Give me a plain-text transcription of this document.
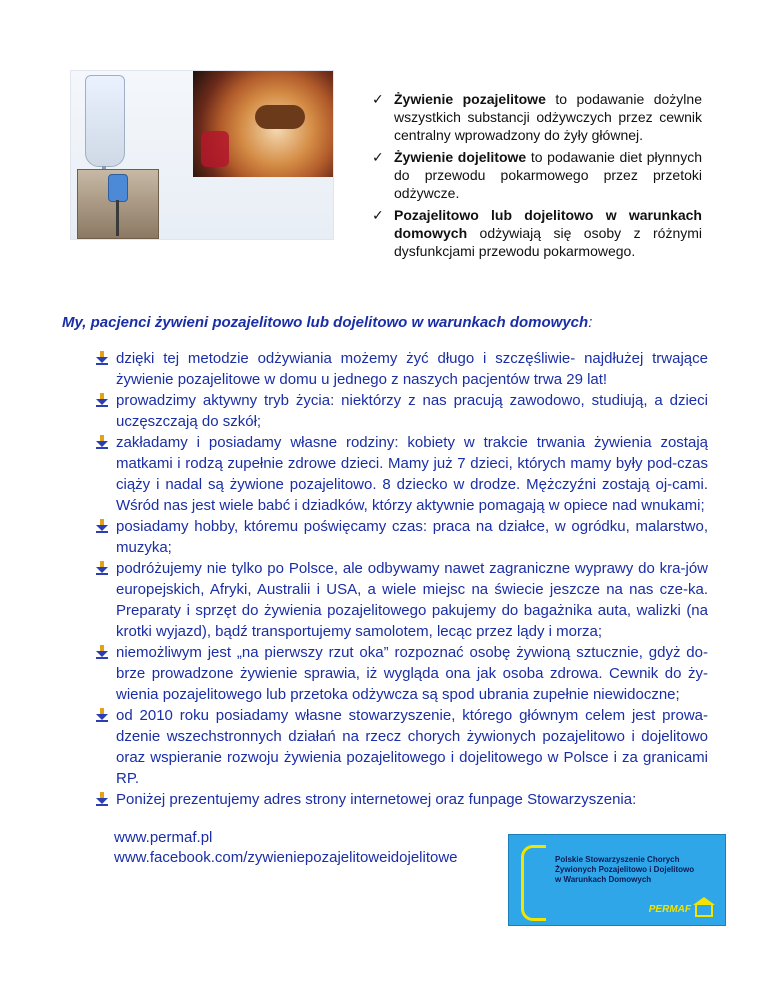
✓ Żywienie pozajelitowe to podawanie dożylne wszystkich substancji odżywczych przez cewnik centralny wprowadzony do żyły głównej.
✓ Żywienie dojelitowe to podawanie diet płynnych do przewodu pokarmowego przez przetoki odżywcze.
✓ Pozajelitowo lub dojelitowo w warunkach domowych odżywiają się osoby z różnymi dysfunkcjami przewodu pokarmowego.

My, pacjenci żywieni pozajelitowo lub dojelitowo w warunkach domowych:

dzięki tej metodzie odżywiania możemy żyć długo i szczęśliwie- najdłużej trwające żywienie pozajelitowe w domu u jednego z naszych pacjentów trwa 29 lat!
prowadzimy aktywny tryb życia: niektórzy z nas pracują zawodowo, studiują, a dzieci uczęszczają do szkół;
zakładamy i posiadamy własne rodziny: kobiety w trakcie trwania żywienia zostają matkami i rodzą zupełnie zdrowe dzieci. Mamy już 7 dzieci, których mamy były pod-czas ciąży i nadal są żywione pozajelitowo. 8 dziecko w drodze. Mężczyźni zostają oj-cami. Wśród nas jest wiele babć i dziadków, którzy aktywnie pomagają w opiece nad wnukami;
posiadamy hobby, któremu poświęcamy czas: praca na działce, w ogródku, malarstwo, muzyka;
podróżujemy nie tylko po Polsce, ale odbywamy nawet zagraniczne wyprawy do kra-jów europejskich, Afryki, Australii i USA, a wiele miejsc na świecie jeszcze na nas cze-ka. Preparaty i sprzęt do żywienia pozajelitowego pakujemy do bagażnika auta, walizki (na krotki wyjazd), bądź transportujemy samolotem, lecąc przez lądy i morza;
niemożliwym jest „na pierwszy rzut oka” rozpoznać osobę żywioną sztucznie, gdyż do-brze prowadzone żywienie sprawia, iż wygląda ona jak osoba zdrowa. Cewnik do ży-wienia pozajelitowego lub przetoka odżywcza są spod ubrania zupełnie niewidoczne;
od 2010 roku posiadamy własne stowarzyszenie, którego głównym celem jest prowa-dzenie wszechstronnych działań na rzecz chorych żywionych pozajelitowo i dojelitowo oraz wspieranie rozwoju żywienia pozajelitowego i dojelitowego w Polsce i za granicami RP.
Poniżej prezentujemy adres strony internetowej oraz funpage Stowarzyszenia:
www.permaf.pl
www.facebook.com/zywieniepozajelitoweidojelitowe	Polskie Stowarzyszenie Chorych
Żywionych Pozajelitowo i Dojelitowo
w Warunkach Domowych
PERMAF
